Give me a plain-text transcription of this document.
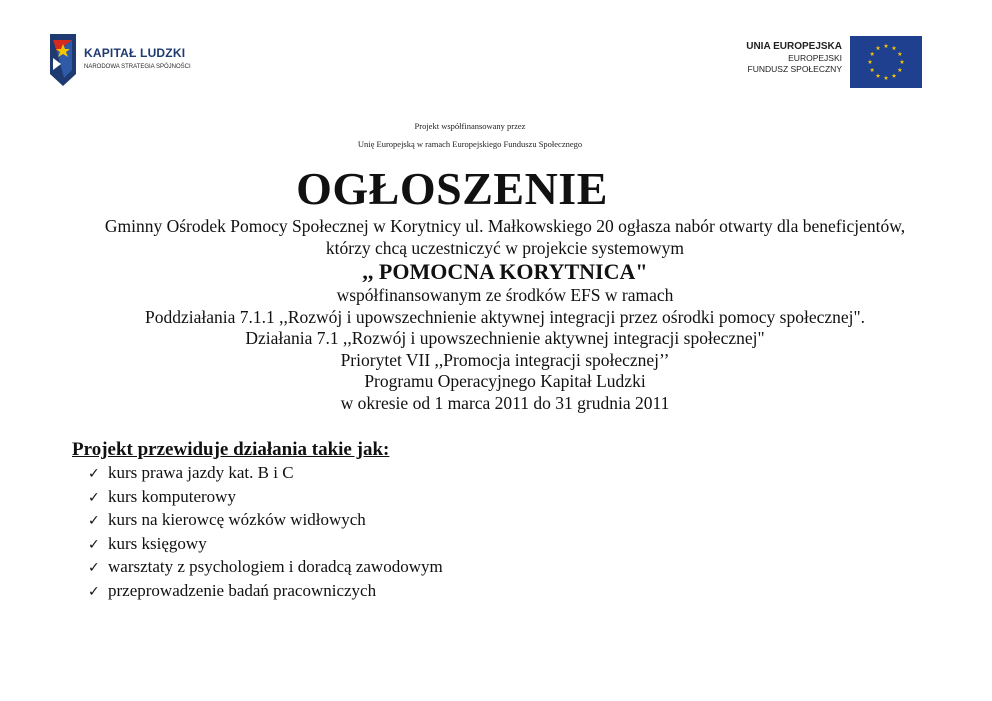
KAPITAŁ LUDZKI
NARODOWA STRATEGIA SPÓJNOŚCI
UNIA EUROPEJSKA
EUROPEJSKI
FUNDUSZ SPOŁECZNY
Projekt współfinansowany przez
Unię Europejską w ramach Europejskiego Funduszu Społecznego
OGŁOSZENIE
Gminny Ośrodek Pomocy Społecznej w Korytnicy ul. Małkowskiego 20 ogłasza nabór otwarty dla beneficjentów,
którzy chcą uczestniczyć w projekcie systemowym
,, POMOCNA KORYTNICA"
współfinansowanym ze środków EFS w ramach
Poddziałania 7.1.1 ,,Rozwój i upowszechnienie aktywnej integracji przez ośrodki pomocy społecznej".
Działania 7.1 ,,Rozwój i upowszechnienie aktywnej integracji społecznej"
Priorytet VII ,,Promocja integracji społecznej’’
Programu Operacyjnego Kapitał Ludzki
w okresie od 1 marca 2011 do 31 grudnia 2011
Projekt przewiduje działania takie jak:
✓ kurs prawa jazdy kat. B i C
✓ kurs komputerowy
✓ kurs na kierowcę wózków widłowych
✓ kurs księgowy
✓ warsztaty z psychologiem i doradcą zawodowym
✓ przeprowadzenie badań pracowniczych
